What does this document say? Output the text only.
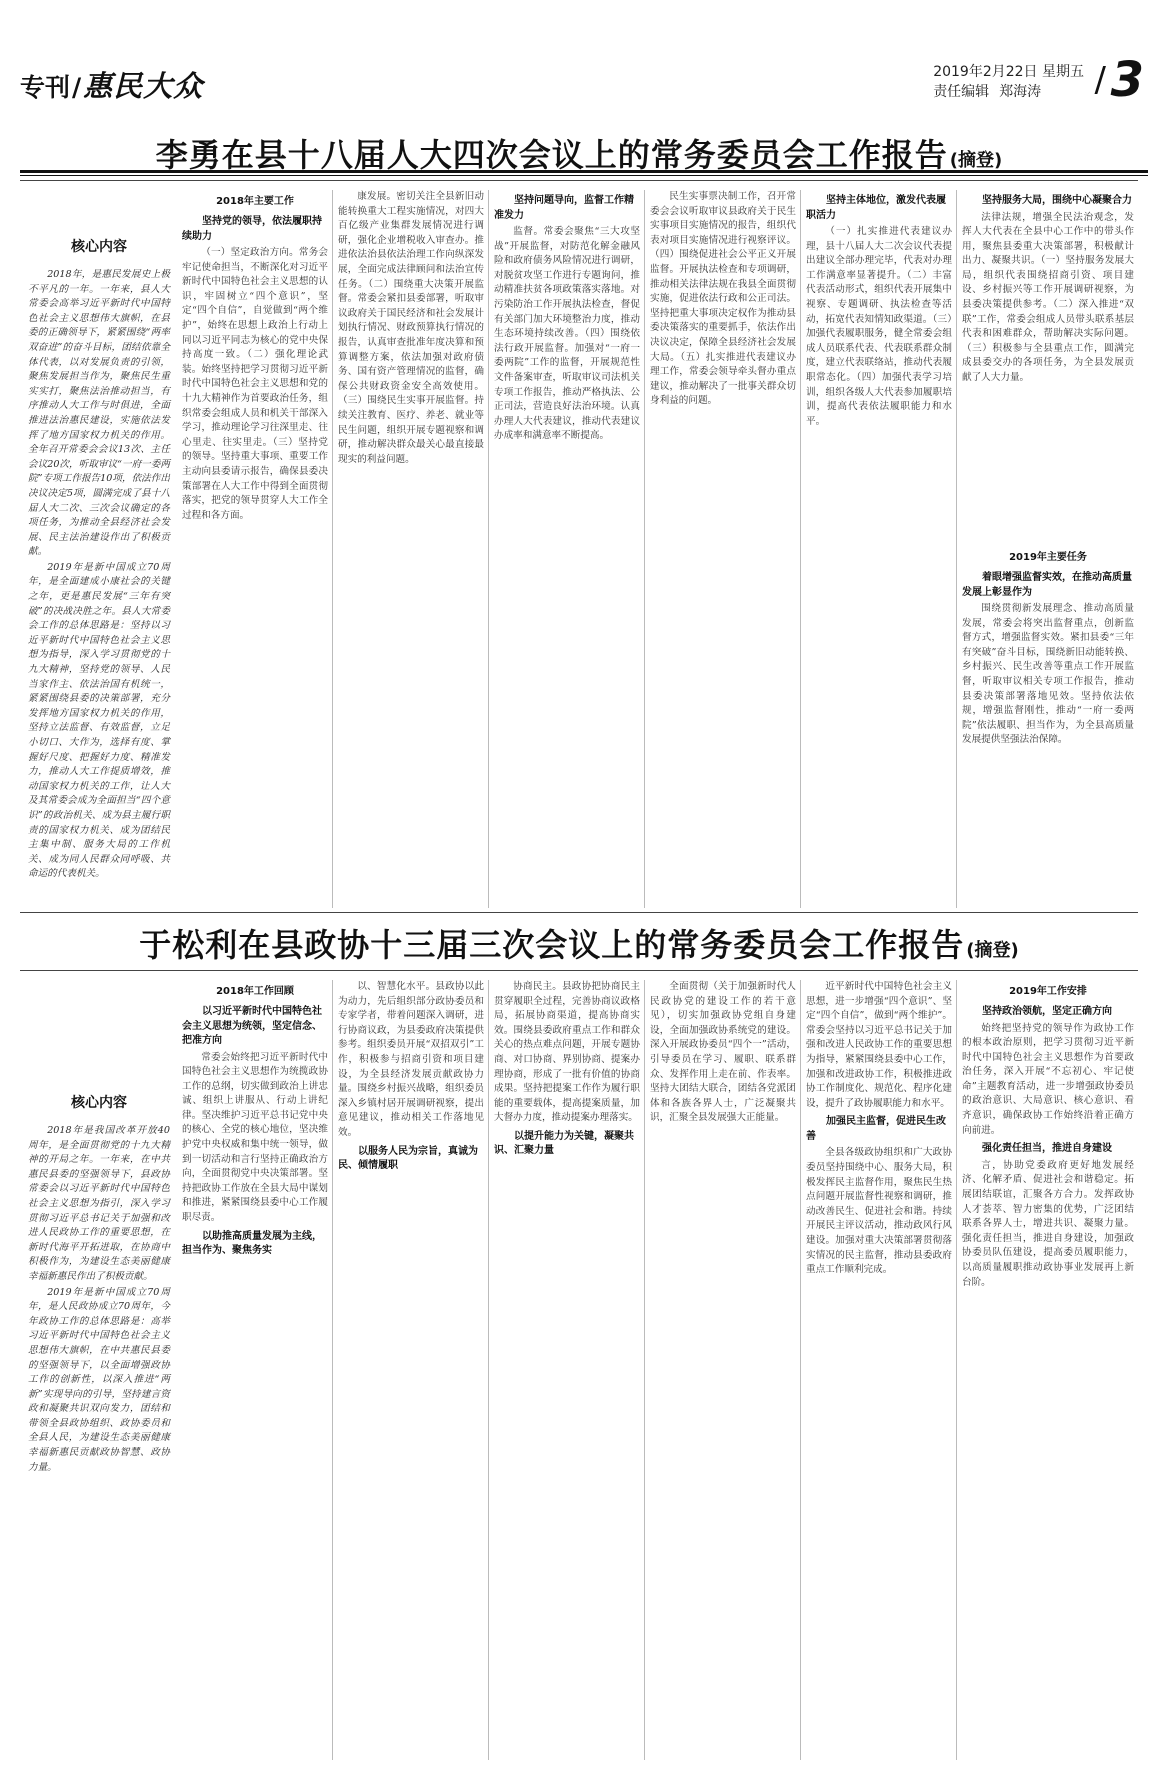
专刊/惠民大众	2019年2月22日 星期五
责任编辑 郑海涛	/ 3
李勇在县十八届人大四次会议上的常务委员会工作报告 (摘登)
核心内容

2018年，是惠民发展史上极不平凡的一年。一年来，县人大常委会高举习近平新时代中国特色社会主义思想伟大旗帜，在县委的正确领导下，紧紧围绕“两率双奋进”的奋斗目标，团结依靠全体代表，以对发展负责的引领，聚焦发展担当作为，聚焦民生重实实打，聚焦法治推动担当，有序推动人大工作与时俱进，全面推进法治惠民建设，实施依法发挥了地方国家权力机关的作用。全年召开常委会会议13次、主任会议20次，听取审议“一府一委两院”专项工作报告10项，依法作出决议决定5项，圆满完成了县十八届人大二次、三次会议确定的各项任务，为推动全县经济社会发展、民主法治建设作出了积极贡献。

2019年是新中国成立70周年，是全面建成小康社会的关键之年，更是惠民发展“三年有突破”的决战决胜之年。县人大常委会工作的总体思路是：坚持以习近平新时代中国特色社会主义思想为指导，深入学习贯彻党的十九大精神，坚持党的领导、人民当家作主、依法治国有机统一，紧紧围绕县委的决策部署，充分发挥地方国家权力机关的作用，坚持立法监督、有效监督，立足小切口、大作为，选择有度、掌握好尺度、把握好力度、精准发力，推动人大工作提质增效，推动国家权力机关的工作，让人大及其常委会成为全面担当“四个意识”的政治机关、成为县主履行职责的国家权力机关、成为团结民主集中制、服务大局的工作机关、成为同人民群众同呼吸、共命运的代表机关。

2018年主要工作
坚持党的领导，依法履职持续助力

（一）坚定政治方向。常务会牢记使命担当，不断深化对习近平新时代中国特色社会主义思想的认识，牢固树立“四个意识”，坚定“四个自信”，自觉做到“两个维护”，始终在思想上政治上行动上同以习近平同志为核心的党中央保持高度一致。（二）强化理论武装。始终坚持把学习贯彻习近平新时代中国特色社会主义思想和党的十九大精神作为首要政治任务，组织常委会组成人员和机关干部深入学习，推动理论学习往深里走、往心里走、往实里走。（三）坚持党的领导。坚持重大事项、重要工作主动向县委请示报告，确保县委决策部署在人大工作中得到全面贯彻落实，把党的领导贯穿人大工作全过程和各方面。

康发展。密切关注全县新旧动能转换重大工程实施情况，对四大百亿级产业集群发展情况进行调研，强化企业增税收入审查办。推进依法治县依法治理工作向纵深发展，全面完成法律顾问和法治宣传任务。（二）围绕重大决策开展监督。常委会紧扣县委部署，听取审议政府关于国民经济和社会发展计划执行情况、财政预算执行情况的报告，认真审查批准年度决算和预算调整方案，依法加强对政府债务、国有资产管理情况的监督，确保公共财政资金安全高效使用。（三）围绕民生实事开展监督。持续关注教育、医疗、养老、就业等民生问题，组织开展专题视察和调研，推动解决群众最关心最直接最现实的利益问题。

坚持问题导向，监督工作精准发力

监督。常委会聚焦“三大攻坚战”开展监督，对防范化解金融风险和政府债务风险情况进行调研，对脱贫攻坚工作进行专题询问，推动精准扶贫各项政策落实落地。对污染防治工作开展执法检查，督促有关部门加大环境整治力度，推动生态环境持续改善。（四）围绕依法行政开展监督。加强对“一府一委两院”工作的监督，开展规范性文件备案审查，听取审议司法机关专项工作报告，推动严格执法、公正司法，营造良好法治环境。认真办理人大代表建议，推动代表建议办成率和满意率不断提高。

民生实事票决制工作，召开常委会会议听取审议县政府关于民生实事项目实施情况的报告，组织代表对项目实施情况进行视察评议。（四）围绕促进社会公平正义开展监督。开展执法检查和专项调研，推动相关法律法规在我县全面贯彻实施，促进依法行政和公正司法。坚持把重大事项决定权作为推动县委决策落实的重要抓手，依法作出决议决定，保障全县经济社会发展大局。（五）扎实推进代表建议办理工作，常委会领导牵头督办重点建议，推动解决了一批事关群众切身利益的问题。

坚持主体地位，激发代表履职活力

（一）扎实推进代表建议办理，县十八届人大二次会议代表提出建议全部办理完毕，代表对办理工作满意率显著提升。（二）丰富代表活动形式，组织代表开展集中视察、专题调研、执法检查等活动，拓宽代表知情知政渠道。（三）加强代表履职服务，健全常委会组成人员联系代表、代表联系群众制度，建立代表联络站，推动代表履职常态化。（四）加强代表学习培训，组织各级人大代表参加履职培训，提高代表依法履职能力和水平。

坚持服务大局，围绕中心凝聚合力

法律法规，增强全民法治观念，发挥人大代表在全县中心工作中的带头作用，聚焦县委重大决策部署，积极献计出力、凝聚共识。（一）坚持服务发展大局，组织代表围绕招商引资、项目建设、乡村振兴等工作开展调研视察，为县委决策提供参考。（二）深入推进“双联”工作，常委会组成人员带头联系基层代表和困难群众，帮助解决实际问题。（三）积极参与全县重点工作，圆满完成县委交办的各项任务，为全县发展贡献了人大力量。

2019年主要任务
着眼增强监督实效，在推动高质量发展上彰显作为

围绕贯彻新发展理念、推动高质量发展，常委会将突出监督重点，创新监督方式，增强监督实效。紧扣县委“三年有突破”奋斗目标，围绕新旧动能转换、乡村振兴、民生改善等重点工作开展监督，听取审议相关专项工作报告，推动县委决策部署落地见效。坚持依法依规，增强监督刚性，推动“一府一委两院”依法履职、担当作为，为全县高质量发展提供坚强法治保障。

于松利在县政协十三届三次会议上的常务委员会工作报告 (摘登)
核心内容

2018年是我国改革开放40周年，是全面贯彻党的十九大精神的开局之年。一年来，在中共惠民县委的坚强领导下，县政协常委会以习近平新时代中国特色社会主义思想为指引，深入学习贯彻习近平总书记关于加强和改进人民政协工作的重要思想，在新时代海平开拓进取，在协商中积极作为，为建设生态美丽健康幸福新惠民作出了积极贡献。

2019年是新中国成立70周年，是人民政协成立70周年，今年政协工作的总体思路是：高举习近平新时代中国特色社会主义思想伟大旗帜，在中共惠民县委的坚强领导下，以全面增强政协工作的创新性，以深入推进“两新”实现导向的引导，坚持建言资政和凝聚共识双向发力，团结和带领全县政协组织、政协委员和全县人民，为建设生态美丽健康幸福新惠民贡献政协智慧、政协力量。

2018年工作回顾
以习近平新时代中国特色社会主义思想为统领，坚定信念、把准方向

常委会始终把习近平新时代中国特色社会主义思想作为统揽政协工作的总纲，切实做到政治上讲忠诚、组织上讲服从、行动上讲纪律。坚决维护习近平总书记党中央的核心、全党的核心地位，坚决维护党中央权威和集中统一领导，做到一切活动和言行坚持正确政治方向，全面贯彻党中央决策部署。坚持把政协工作放在全县大局中谋划和推进，紧紧围绕县委中心工作履职尽责。

以助推高质量发展为主线，担当作为、聚焦务实

以、智慧化水平。县政协以此为动力，先后组织部分政协委员和专家学者，带着问题深入调研，进行协商议政，为县委政府决策提供参考。组织委员开展“双招双引”工作，积极参与招商引资和项目建设，为全县经济发展贡献政协力量。围绕乡村振兴战略，组织委员深入乡镇村居开展调研视察，提出意见建议，推动相关工作落地见效。

以服务人民为宗旨，真诚为民、倾情履职

协商民主。县政协把协商民主贯穿履职全过程，完善协商议政格局，拓展协商渠道，提高协商实效。围绕县委政府重点工作和群众关心的热点难点问题，开展专题协商、对口协商、界别协商、提案办理协商，形成了一批有价值的协商成果。坚持把提案工作作为履行职能的重要载体，提高提案质量，加大督办力度，推动提案办理落实。

以提升能力为关键，凝聚共识、汇聚力量

全面贯彻（关于加强新时代人民政协党的建设工作的若干意见），切实加强政协党组自身建设，全面加强政协系统党的建设。深入开展政协委员“四个一”活动，引导委员在学习、履职、联系群众、发挥作用上走在前、作表率。坚持大团结大联合，团结各党派团体和各族各界人士，广泛凝聚共识，汇聚全县发展强大正能量。

近平新时代中国特色社会主义思想，进一步增强“四个意识”、坚定“四个自信”，做到“两个维护”。常委会坚持以习近平总书记关于加强和改进人民政协工作的重要思想为指导，紧紧围绕县委中心工作，加强和改进政协工作，积极推进政协工作制度化、规范化、程序化建设，提升了政协履职能力和水平。

加强民主监督，促进民生改善

全县各级政协组织和广大政协委员坚持围绕中心、服务大局，积极发挥民主监督作用，聚焦民生热点问题开展监督性视察和调研，推动改善民生、促进社会和谐。持续开展民主评议活动，推动政风行风建设。加强对重大决策部署贯彻落实情况的民主监督，推动县委政府重点工作顺利完成。

2019年工作安排
坚持政治领航，坚定正确方向

始终把坚持党的领导作为政协工作的根本政治原则，把学习贯彻习近平新时代中国特色社会主义思想作为首要政治任务，深入开展“不忘初心、牢记使命”主题教育活动，进一步增强政协委员的政治意识、大局意识、核心意识、看齐意识，确保政协工作始终沿着正确方向前进。

强化责任担当，推进自身建设

言，协助党委政府更好地发展经济、化解矛盾、促进社会和谐稳定。拓展团结联谊，汇聚各方合力。发挥政协人才荟萃、智力密集的优势，广泛团结联系各界人士，增进共识、凝聚力量。强化责任担当，推进自身建设，加强政协委员队伍建设，提高委员履职能力，以高质量履职推动政协事业发展再上新台阶。
